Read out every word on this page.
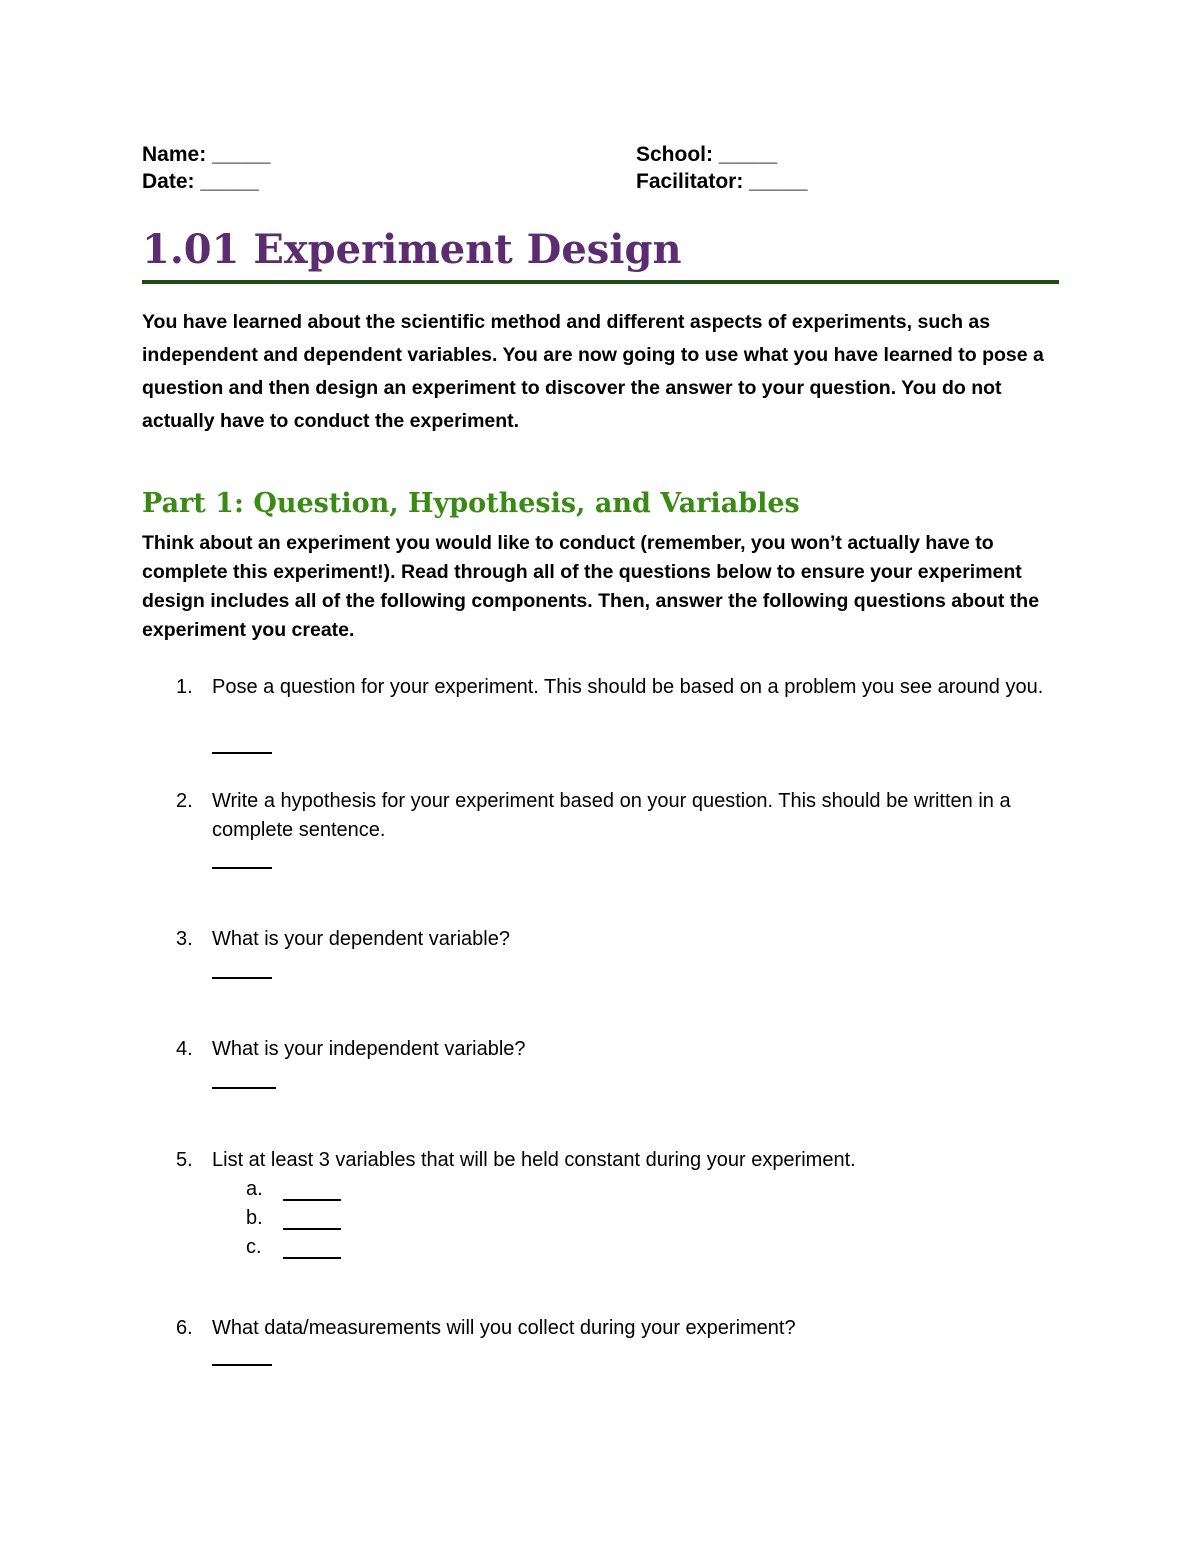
Name: _____
Date: _____
School: _____
Facilitator: _____
1.01 Experiment Design

You have learned about the scientific method and different aspects of experiments, such as independent and dependent variables. You are now going to use what you have learned to pose a question and then design an experiment to discover the answer to your question. You do not actually have to conduct the experiment.

Part 1: Question, Hypothesis, and Variables

Think about an experiment you would like to conduct (remember, you won’t actually have to complete this experiment!). Read through all of the questions below to ensure your experiment design includes all of the following components. Then, answer the following questions about the experiment you create.

1. Pose a question for your experiment. This should be based on a problem you see around you.
2. Write a hypothesis for your experiment based on your question. This should be written in a complete sentence.
3. What is your dependent variable?
4. What is your independent variable?
5. List at least 3 variables that will be held constant during your experiment.
a.
b.
c.
6. What data/measurements will you collect during your experiment?
